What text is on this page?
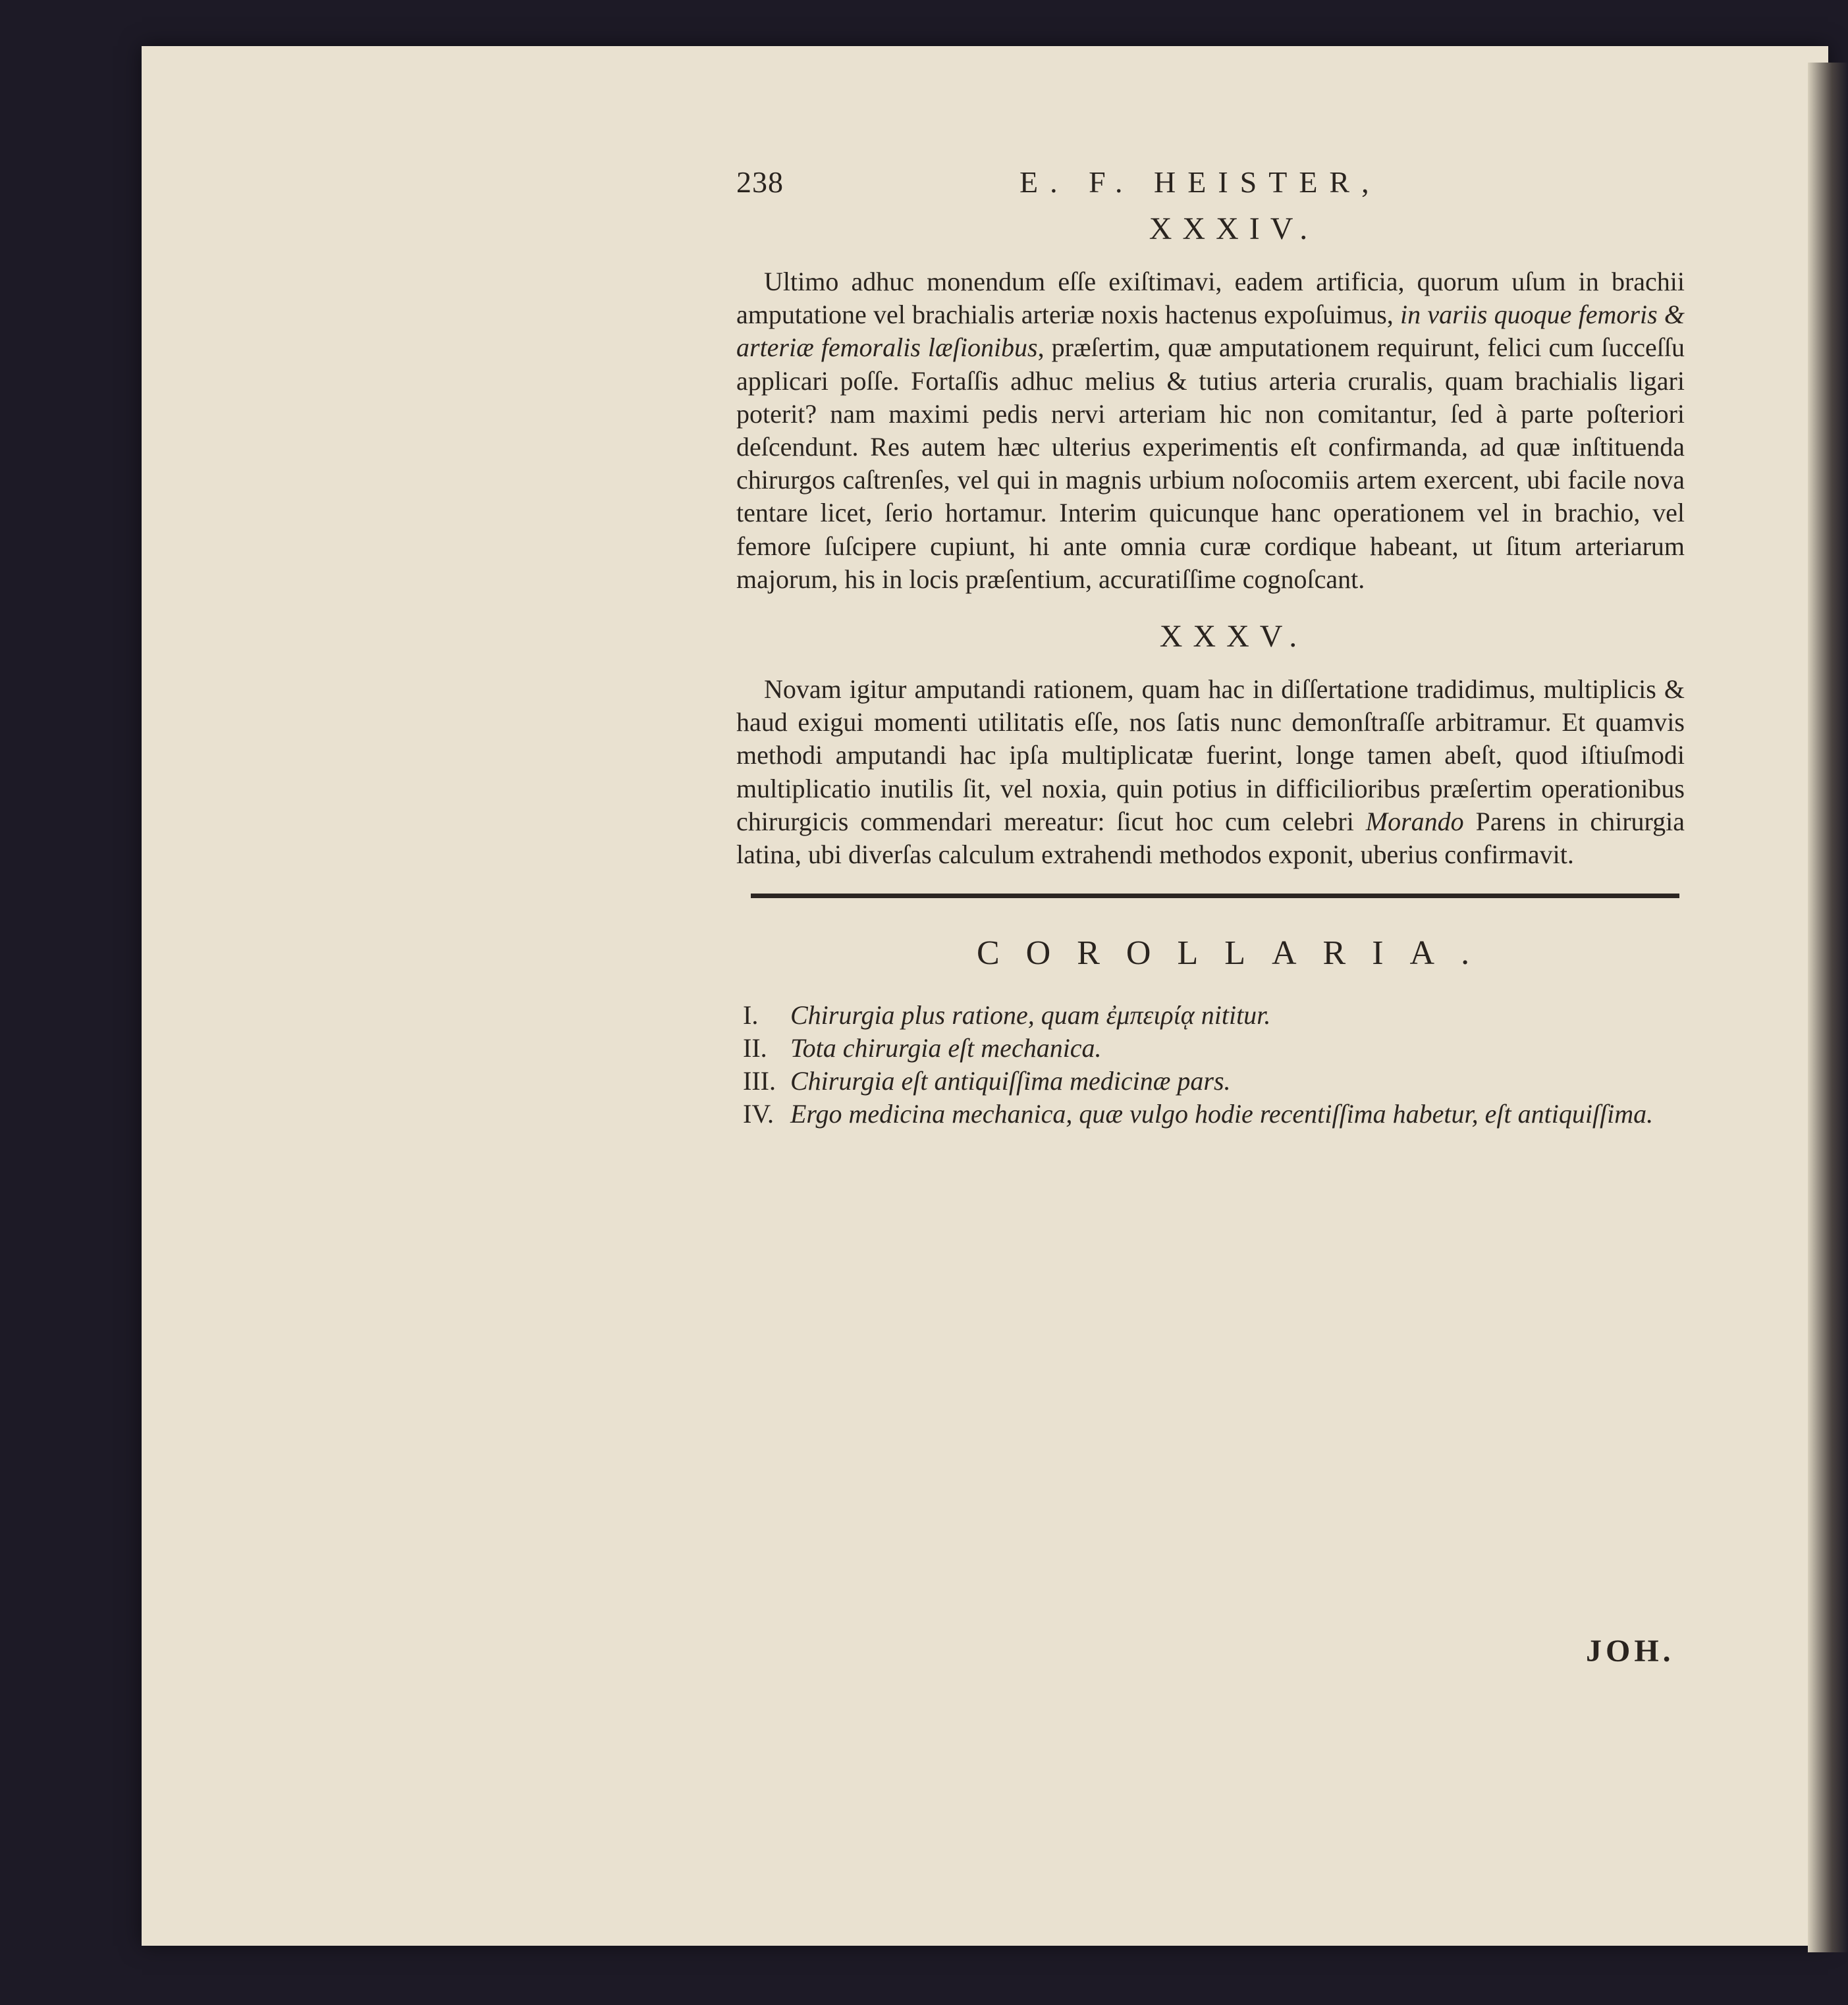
238	E. F. HEISTER,
XXXIV.

Ultimo adhuc monendum eſſe exiſtimavi, eadem artificia, quorum uſum in brachii amputatione vel brachialis arteriæ noxis hactenus expoſuimus, in variis quoque femoris & arteriæ femoralis læſionibus, præſertim, quæ amputationem requirunt, felici cum ſucceſſu applicari poſſe. Fortaſſis adhuc melius & tutius arteria cruralis, quam brachialis ligari poterit? nam maximi pedis nervi arteriam hic non comitantur, ſed à parte poſteriori deſcendunt. Res autem hæc ulterius experimentis eſt confirmanda, ad quæ inſtituenda chirurgos caſtrenſes, vel qui in magnis urbium noſocomiis artem exercent, ubi facile nova tentare licet, ſerio hortamur. Interim quicunque hanc operationem vel in brachio, vel femore ſuſcipere cupiunt, hi ante omnia curæ cordique habeant, ut ſitum arteriarum majorum, his in locis præſentium, accuratiſſime cognoſcant.

XXXV.

Novam igitur amputandi rationem, quam hac in diſſertatione tradidimus, multiplicis & haud exigui momenti utilitatis eſſe, nos ſatis nunc demonſtraſſe arbitramur. Et quamvis methodi amputandi hac ipſa multiplicatæ fuerint, longe tamen abeſt, quod iſtiuſmodi multiplicatio inutilis ſit, vel noxia, quin potius in difficilioribus præſertim operationibus chirurgicis commendari mereatur: ſicut hoc cum celebri Morando Parens in chirurgia latina, ubi diverſas calculum extrahendi methodos exponit, uberius confirmavit.

COROLLARIA.
I.	Chirurgia plus ratione, quam ἐμπειρίᾳ nititur.
II. Tota chirurgia eſt mechanica.
III. Chirurgia eſt antiquiſſima medicinæ pars.
IV. Ergo medicina mechanica, quæ vulgo hodie recentiſſima habetur, eſt antiquiſſima.
JOH.
